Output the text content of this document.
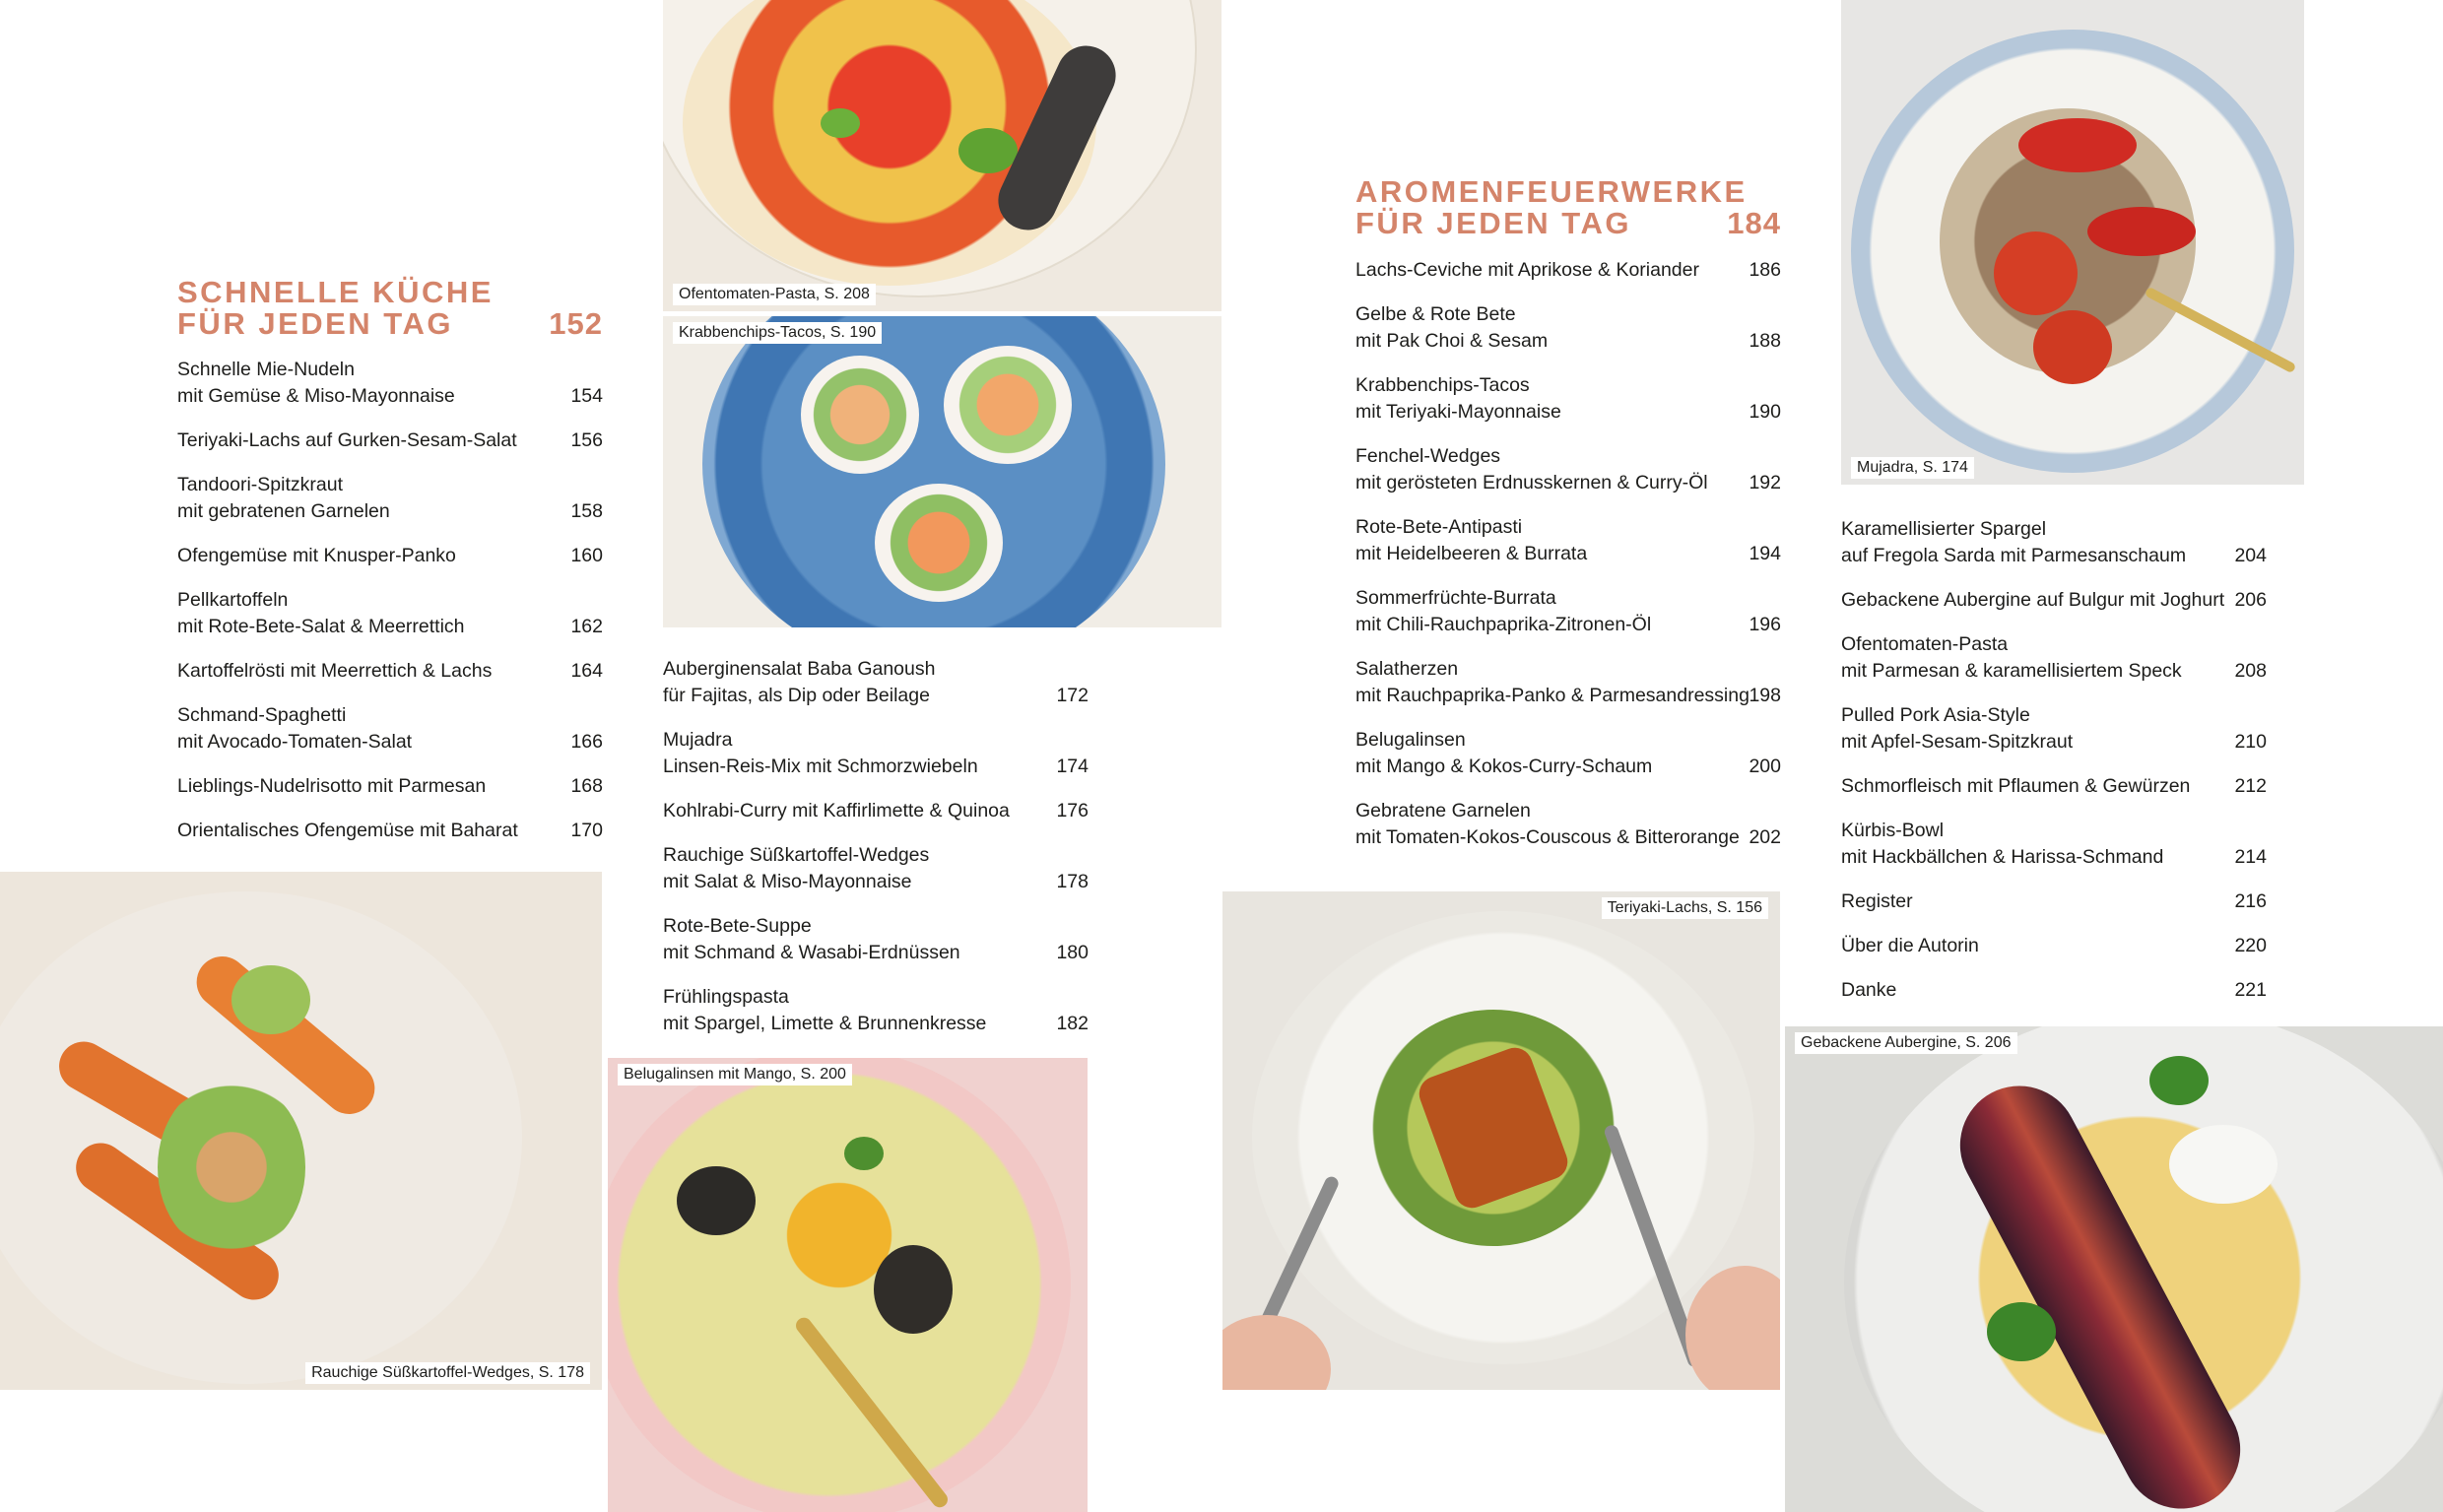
Ofentomaten-Pasta, S. 208
Krabbenchips-Tacos, S. 190
Mujadra, S. 174
Rauchige Süßkartoffel-Wedges, S. 178
Belugalinsen mit Mango, S. 200
Teriyaki-Lachs, S. 156
Gebackene Aubergine, S. 206
SCHNELLE KÜCHE
FÜR JEDEN TAG	152
AROMENFEUERWERKE
FÜR JEDEN TAG	184
Schnelle Mie-Nudeln
mit Gemüse & Miso-Mayonnaise	154
Teriyaki-Lachs auf Gurken-Sesam-Salat	156
Tandoori-Spitzkraut
mit gebratenen Garnelen	158
Ofengemüse mit Knusper-Panko	160
Pellkartoffeln
mit Rote-Bete-Salat & Meerrettich	162
Kartoffelrösti mit Meerrettich & Lachs	164
Schmand-Spaghetti
mit Avocado-Tomaten-Salat	166
Lieblings-Nudelrisotto mit Parmesan	168
Orientalisches Ofengemüse mit Baharat	170
Auberginensalat Baba Ganoush
für Fajitas, als Dip oder Beilage	172
Mujadra
Linsen-Reis-Mix mit Schmorzwiebeln	174
Kohlrabi-Curry mit Kaffirlimette & Quinoa	176
Rauchige Süßkartoffel-Wedges
mit Salat & Miso-Mayonnaise	178
Rote-Bete-Suppe
mit Schmand & Wasabi-Erdnüssen	180
Frühlingspasta
mit Spargel, Limette & Brunnenkresse	182
Lachs-Ceviche mit Aprikose & Koriander	186
Gelbe & Rote Bete
mit Pak Choi & Sesam	188
Krabbenchips-Tacos
mit Teriyaki-Mayonnaise	190
Fenchel-Wedges
mit gerösteten Erdnusskernen & Curry-Öl	192
Rote-Bete-Antipasti
mit Heidelbeeren & Burrata	194
Sommerfrüchte-Burrata
mit Chili-Rauchpaprika-Zitronen-Öl	196
Salatherzen
mit Rauchpaprika-Panko & Parmesandressing 198
Belugalinsen
mit Mango & Kokos-Curry-Schaum	200
Gebratene Garnelen
mit Tomaten-Kokos-Couscous & Bitterorange 202
Karamellisierter Spargel
auf Fregola Sarda mit Parmesanschaum	204
Gebackene Aubergine auf Bulgur mit Joghurt 206
Ofentomaten-Pasta
mit Parmesan & karamellisiertem Speck	208
Pulled Pork Asia-Style
mit Apfel-Sesam-Spitzkraut	210
Schmorfleisch mit Pflaumen & Gewürzen	212
Kürbis-Bowl
mit Hackbällchen & Harissa-Schmand	214
Register	216
Über die Autorin	220
Danke	221
